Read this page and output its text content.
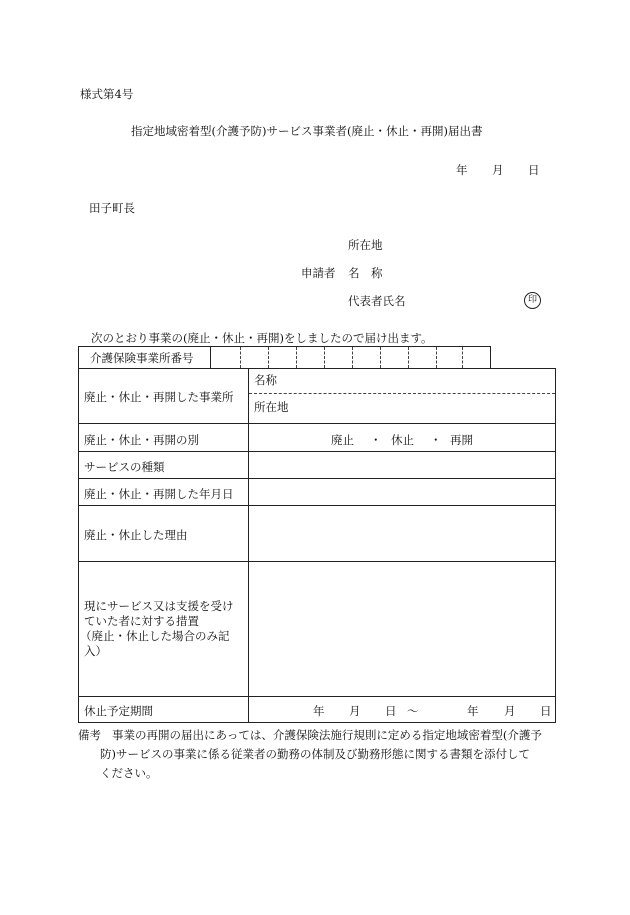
様式第4号
指定地域密着型(介護予防)サービス事業者(廃止・休止・再開)届出書
年 月 日
田子町長
所在地
申請者 名　称
代表者氏名	印
次のとおり事業の(廃止・休止・再開)をしましたので届け出ます。
介護保険事業所番号
廃止・休止・再開した事業所
名称
所在地
廃止・休止・再開の別	廃止 ・ 休止 ・ 再開
サービスの種類
廃止・休止・再開した年月日
廃止・休止した理由
現にサービス又は支援を受け
ていた者に対する措置
（廃止・休止した場合のみ記
入）
休止予定期間	年 月 日 〜	年 月 日
備考 事業の再開の届出にあっては、介護保険法施行規則に定める指定地域密着型(介護予
防)サービスの事業に係る従業者の勤務の体制及び勤務形態に関する書類を添付して
ください。
